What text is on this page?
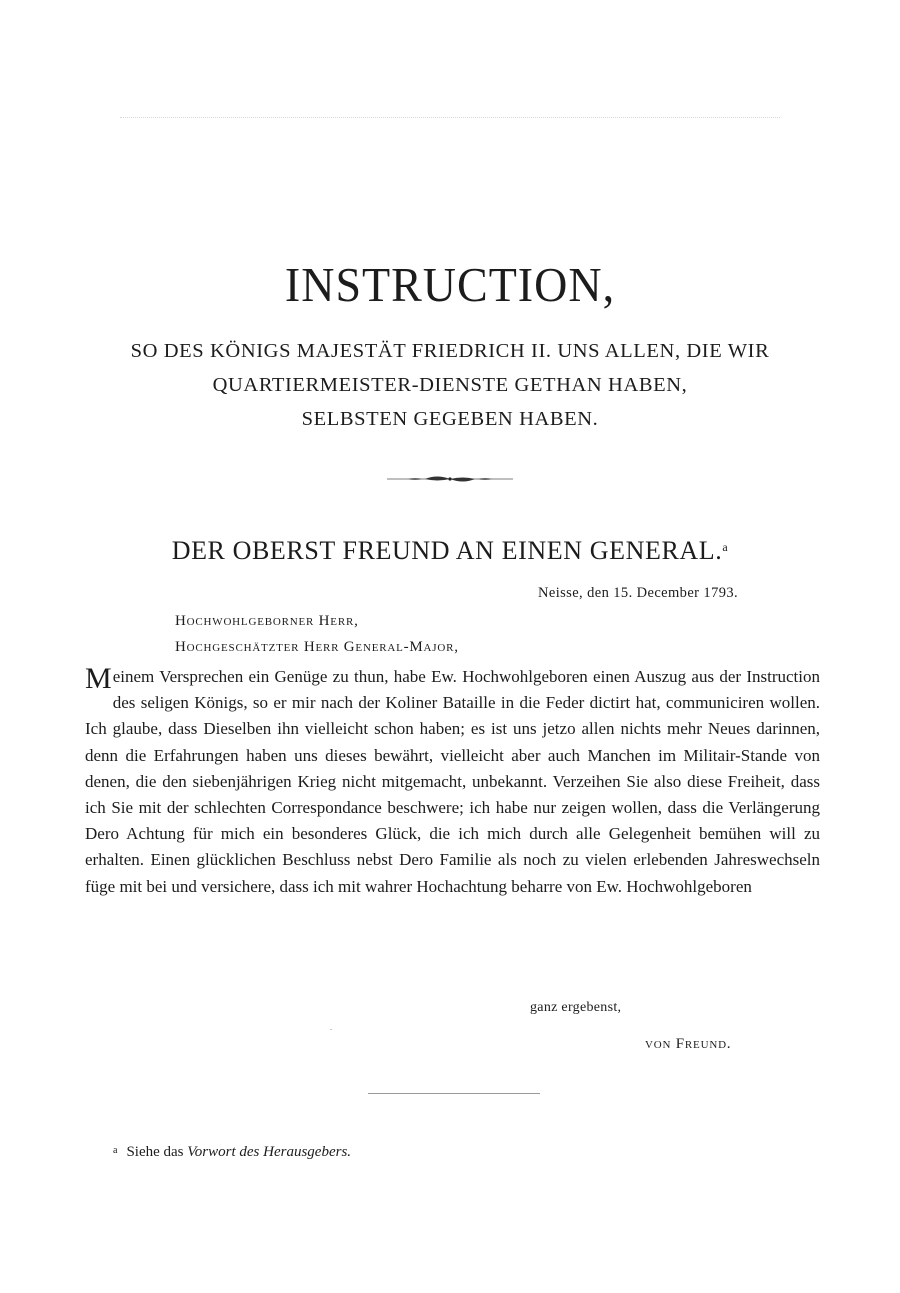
INSTRUCTION,
SO DES KÖNIGS MAJESTÄT FRIEDRICH II. UNS ALLEN, DIE WIR
QUARTIERMEISTER-DIENSTE GETHAN HABEN,
SELBSTEN GEGEBEN HABEN.
DER OBERST FREUND AN EINEN GENERAL.$^a$
Neisse, den 15. December 1793.
Hochwohlgeborner Herr,
Hochgeschätzter Herr General-Major,

Meinem Versprechen ein Genüge zu thun, habe Ew. Hochwohlgeboren einen Auszug aus der Instruction des seligen Königs, so er mir nach der Koliner Bataille in die Feder dictirt hat, communiciren wollen. Ich glaube, dass Dieselben ihn vielleicht schon haben; es ist uns jetzo allen nichts mehr Neues darinnen, denn die Erfahrungen haben uns dieses bewährt, vielleicht aber auch Manchen im Militair-Stande von denen, die den siebenjährigen Krieg nicht mitgemacht, unbekannt. Verzeihen Sie also diese Freiheit, dass ich Sie mit der schlechten Correspondance beschwere; ich habe nur zeigen wollen, dass die Verlängerung Dero Achtung für mich ein besonderes Glück, die ich mich durch alle Gelegenheit bemühen will zu erhalten. Einen glücklichen Beschluss nebst Dero Familie als noch zu vielen erlebenden Jahreswechseln füge mit bei und versichere, dass ich mit wahrer Hochachtung beharre von Ew. Hochwohlgeboren

ganz ergebenst,
von Freund.
$^a$ Siehe das Vorwort des Herausgebers.
